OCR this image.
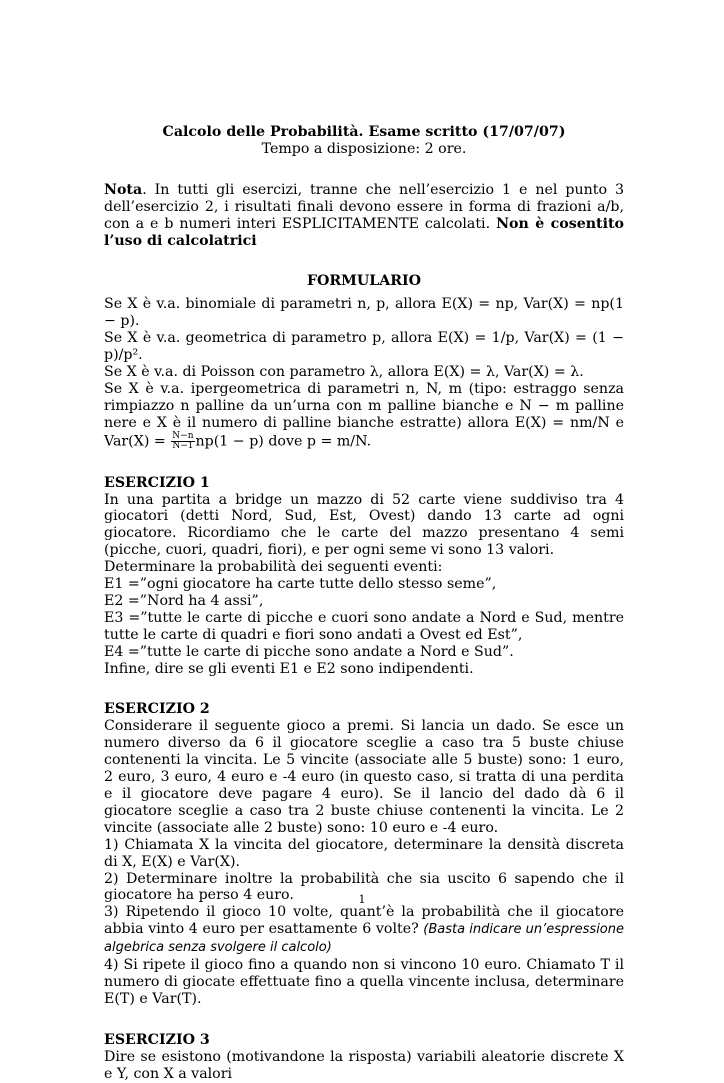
Calcolo delle Probabilità. Esame scritto (17/07/07)

Tempo a disposizione: 2 ore.

Nota. In tutti gli esercizi, tranne che nell’esercizio 1 e nel punto 3 dell’esercizio 2, i risultati finali devono essere in forma di frazioni a/b, con a e b numeri interi ESPLICITAMENTE calcolati. Non è cosentito l’uso di calcolatrici

FORMULARIO

Se X è v.a. binomiale di parametri n, p, allora E(X) = np, Var(X) = np(1 − p).

Se X è v.a. geometrica di parametro p, allora E(X) = 1/p, Var(X) = (1 − p)/p².

Se X è v.a. di Poisson con parametro λ, allora E(X) = λ, Var(X) = λ.

Se X è v.a. ipergeometrica di parametri n, N, m (tipo: estraggo senza rimpiazzo n palline da un’urna con m palline bianche e N − m palline nere e X è il numero di palline bianche estratte) allora E(X) = nm/N e $Var(X) = \frac{N-n}{N-1} np(1 - p)$ dove p = m/N.

ESERCIZIO 1

In una partita a bridge un mazzo di 52 carte viene suddiviso tra 4 giocatori (detti Nord, Sud, Est, Ovest) dando 13 carte ad ogni giocatore. Ricordiamo che le carte del mazzo presentano 4 semi (picche, cuori, quadri, fiori), e per ogni seme vi sono 13 valori.

Determinare la probabilità dei seguenti eventi:

E1 =”ogni giocatore ha carte tutte dello stesso seme”,

E2 =”Nord ha 4 assi”,

E3 =”tutte le carte di picche e cuori sono andate a Nord e Sud, mentre tutte le carte di quadri e fiori sono andati a Ovest ed Est”,

E4 =”tutte le carte di picche sono andate a Nord e Sud”.

Infine, dire se gli eventi E1 e E2 sono indipendenti.

ESERCIZIO 2

Considerare il seguente gioco a premi. Si lancia un dado. Se esce un numero diverso da 6 il giocatore sceglie a caso tra 5 buste chiuse contenenti la vincita. Le 5 vincite (associate alle 5 buste) sono: 1 euro, 2 euro, 3 euro, 4 euro e -4 euro (in questo caso, si tratta di una perdita e il giocatore deve pagare 4 euro). Se il lancio del dado dà 6 il giocatore sceglie a caso tra 2 buste chiuse contenenti la vincita. Le 2 vincite (associate alle 2 buste) sono: 10 euro e -4 euro.

1) Chiamata X la vincita del giocatore, determinare la densità discreta di X, E(X) e Var(X).

2) Determinare inoltre la probabilità che sia uscito 6 sapendo che il giocatore ha perso 4 euro.

3) Ripetendo il gioco 10 volte, quant’è la probabilità che il giocatore abbia vinto 4 euro per esattamente 6 volte? (Basta indicare un’espressione algebrica senza svolgere il calcolo)

4) Si ripete il gioco fino a quando non si vincono 10 euro. Chiamato T il numero di giocate effettuate fino a quella vincente inclusa, determinare E(T) e Var(T).

ESERCIZIO 3

Dire se esistono (motivandone la risposta) variabili aleatorie discrete X e Y, con X a valori

1
